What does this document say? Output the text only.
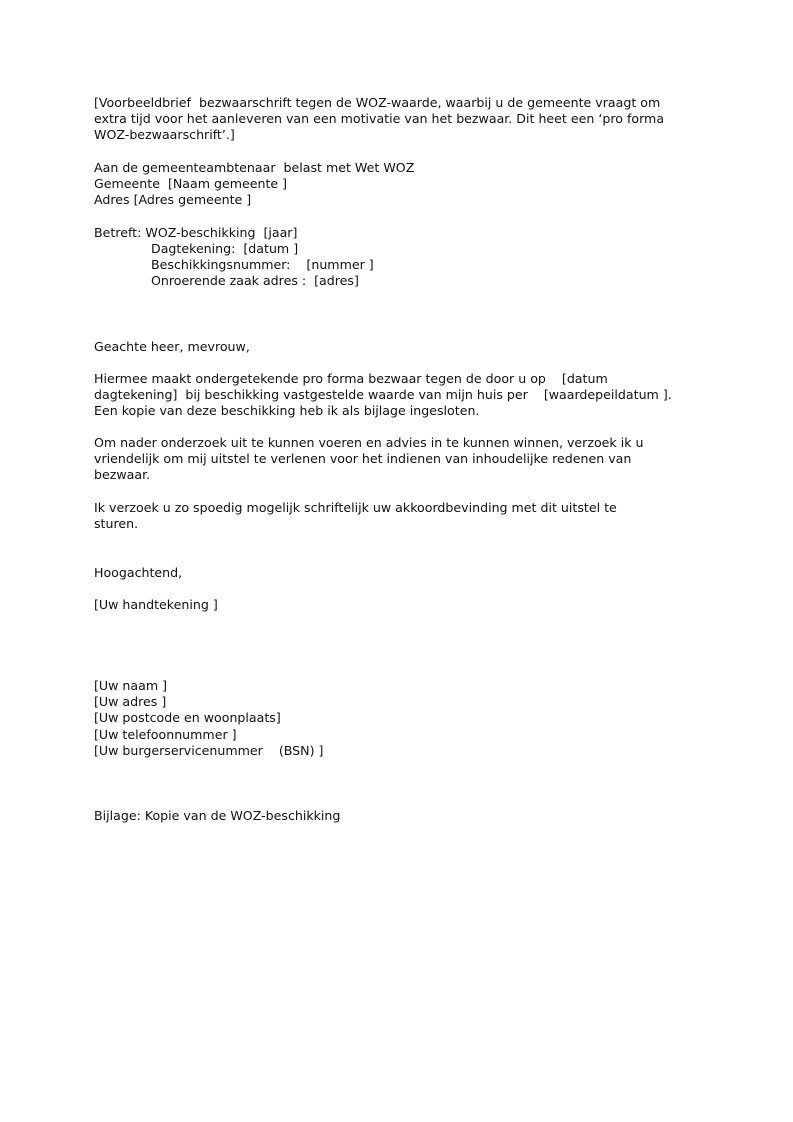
[Voorbeeldbrief  bezwaarschrift tegen de WOZ-waarde, waarbij u de gemeente vraagt om
extra tijd voor het aanleveren van een motivatie van het bezwaar. Dit heet een ‘pro forma
WOZ-bezwaarschrift’.]
Aan de gemeenteambtenaar  belast met Wet WOZ
Gemeente  [Naam gemeente ]
Adres [Adres gemeente ]
Betreft: WOZ-beschikking  [jaar]
Dagtekening:  [datum ]
Beschikkingsnummer:    [nummer ]
Onroerende zaak adres :  [adres]
Geachte heer, mevrouw,
Hiermee maakt ondergetekende pro forma bezwaar tegen de door u op    [datum
dagtekening]  bij beschikking vastgestelde waarde van mijn huis per    [waardepeildatum ].
Een kopie van deze beschikking heb ik als bijlage ingesloten.
Om nader onderzoek uit te kunnen voeren en advies in te kunnen winnen, verzoek ik u
vriendelijk om mij uitstel te verlenen voor het indienen van inhoudelijke redenen van
bezwaar.
Ik verzoek u zo spoedig mogelijk schriftelijk uw akkoordbevinding met dit uitstel te
sturen.
Hoogachtend,
[Uw handtekening ]
[Uw naam ]
[Uw adres ]
[Uw postcode en woonplaats]
[Uw telefoonnummer ]
[Uw burgerservicenummer    (BSN) ]
Bijlage: Kopie van de WOZ-beschikking
